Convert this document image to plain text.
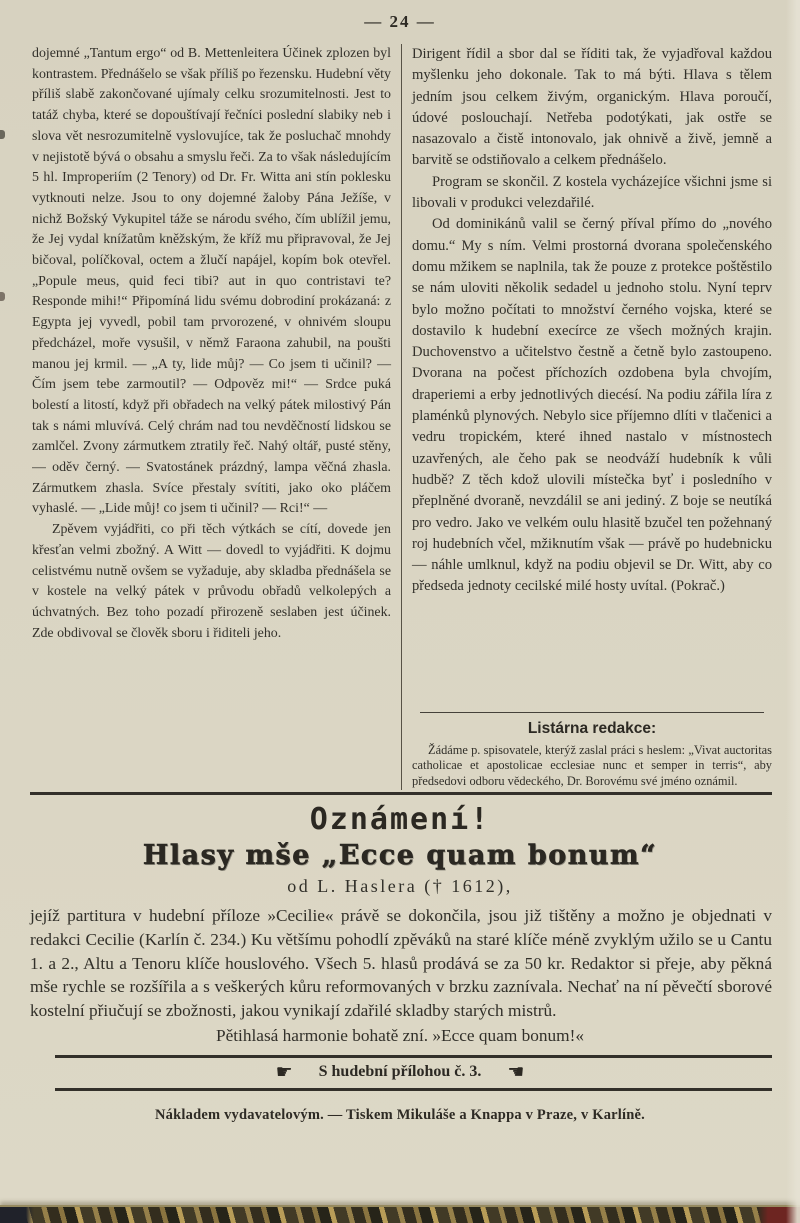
— 24 —

dojemné „Tantum ergo“ od B. Mettenleitera Účinek zplozen byl kontrastem. Přednášelo se však příliš po řezensku. Hudební věty příliš slabě zakončované ujímaly celku srozumitelnosti. Jest to tatáž chyba, které se dopouštívají řečníci poslední slabiky neb i slova vět nesrozumitelně vyslovujíce, tak že posluchač mnohdy v nejistotě bývá o obsahu a smyslu řeči. Za to však následujícím 5 hl. Improperiím (2 Tenory) od Dr. Fr. Witta ani stín poklesku vytknouti nelze. Jsou to ony dojemné žaloby Pána Ježíše, v nichž Božský Vykupitel táže se národu svého, čím ublížil jemu, že Jej vydal knížatům kněžským, že kříž mu připravoval, že Jej bičoval, políčkoval, octem a žlučí napájel, kopím bok otevřel. „Popule meus, quid feci tibi? aut in quo contristavi te? Responde mihi!“ Připomíná lidu svému dobrodiní prokázaná: z Egypta jej vyvedl, pobil tam prvorozené, v ohnivém sloupu předcházel, moře vysušil, v němž Faraona zahubil, na poušti manou jej krmil. — „A ty, lide můj? — Co jsem ti učinil? — Čím jsem tebe zarmoutil? — Odpověz mi!“ — Srdce puká bolestí a litostí, když při obřadech na velký pátek milostivý Pán tak s námi mluvívá. Celý chrám nad tou nevděčností lidskou se zamlčel. Zvony zármutkem ztratily řeč. Nahý oltář, pusté stěny, — oděv černý. — Svatostánek prázdný, lampa věčná zhasla. Zármutkem zhasla. Svíce přestaly svítiti, jako oko pláčem vyhaslé. — „Lide můj! co jsem ti učinil? — Rci!“ —

Zpěvem vyjádřiti, co při těch výtkách se cítí, dovede jen křesťan velmi zbožný. A Witt — dovedl to vyjádřiti. K dojmu celistvému nutně ovšem se vyžaduje, aby skladba přednášela se v kostele na velký pátek v průvodu obřadů velkolepých a úchvatných. Bez toho pozadí přirozeně seslaben jest účinek. Zde obdivoval se člověk sboru i řiditeli jeho.

Dirigent řídil a sbor dal se říditi tak, že vyjadřoval každou myšlenku jeho dokonale. Tak to má býti. Hlava s tělem jedním jsou celkem živým, organickým. Hlava poroučí, údové poslouchají. Netřeba podotýkati, jak ostře se nasazovalo a čistě intonovalo, jak ohnivě a živě, jemně a barvitě se odstiňovalo a celkem přednášelo.

Program se skončil. Z kostela vycházejíce všichni jsme si libovali v produkci velezdařilé.

Od dominikánů valil se černý příval přímo do „nového domu.“ My s ním. Velmi prostorná dvorana společenského domu mžikem se naplnila, tak že pouze z protekce poštěstilo se nám uloviti několik sedadel u jednoho stolu. Nyní teprv bylo možno počítati to množství černého vojska, které se dostavilo k hudební execírce ze všech možných krajin. Duchovenstvo a učitelstvo čestně a četně bylo zastoupeno. Dvorana na počest příchozích ozdobena byla chvojím, draperiemi a erby jednotlivých diecésí. Na podiu zářila líra z plaménků plynových. Nebylo sice příjemno dlíti v tlačenici a vedru tropickém, které ihned nastalo v místnostech uzavřených, ale čeho pak se neodváží hudebník k vůli hudbě? Z těch kdož ulovili místečka byť i posledního v přeplněné dvoraně, nevzdálil se ani jediný. Z boje se neutíká pro vedro. Jako ve velkém oulu hlasitě bzučel ten požehnaný roj hudebních včel, mžiknutím však — právě po hudebnicku — náhle umlknul, když na podiu objevil se Dr. Witt, aby co předseda jednoty cecilské milé hosty uvítal. (Pokrač.)

Listárna redakce:

Žádáme p. spisovatele, kterýž zaslal práci s heslem: „Vivat auctoritas catholicae et apostolicae ecclesiae nunc et semper in terris“, aby předsedovi odboru vědeckého, Dr. Borovému své jméno oznámil.

Oznámení!
Hlasy mše „Ecce quam bonum“
od L. Haslera († 1612),

jejíž partitura v hudební příloze »Cecilie« právě se dokončila, jsou již tištěny a možno je objednati v redakci Cecilie (Karlín č. 234.) Ku většímu pohodlí zpěváků na staré klíče méně zvyklým užilo se u Cantu 1. a 2., Altu a Tenoru klíče houslového. Všech 5. hlasů prodává se za 50 kr. Redaktor si přeje, aby pěkná mše rychle se rozšířila a s veškerých kůru reformovaných v brzku zaznívala. Nechať na ní pěvečtí sborové kostelní přiučují se zbožnosti, jakou vynikají zdařilé skladby starých mistrů.

Pětihlasá harmonie bohatě zní. »Ecce quam bonum!«
☛ S hudební přílohou č. 3. ☚
Nákladem vydavatelovým. — Tiskem Mikuláše a Knappa v Praze, v Karlíně.
